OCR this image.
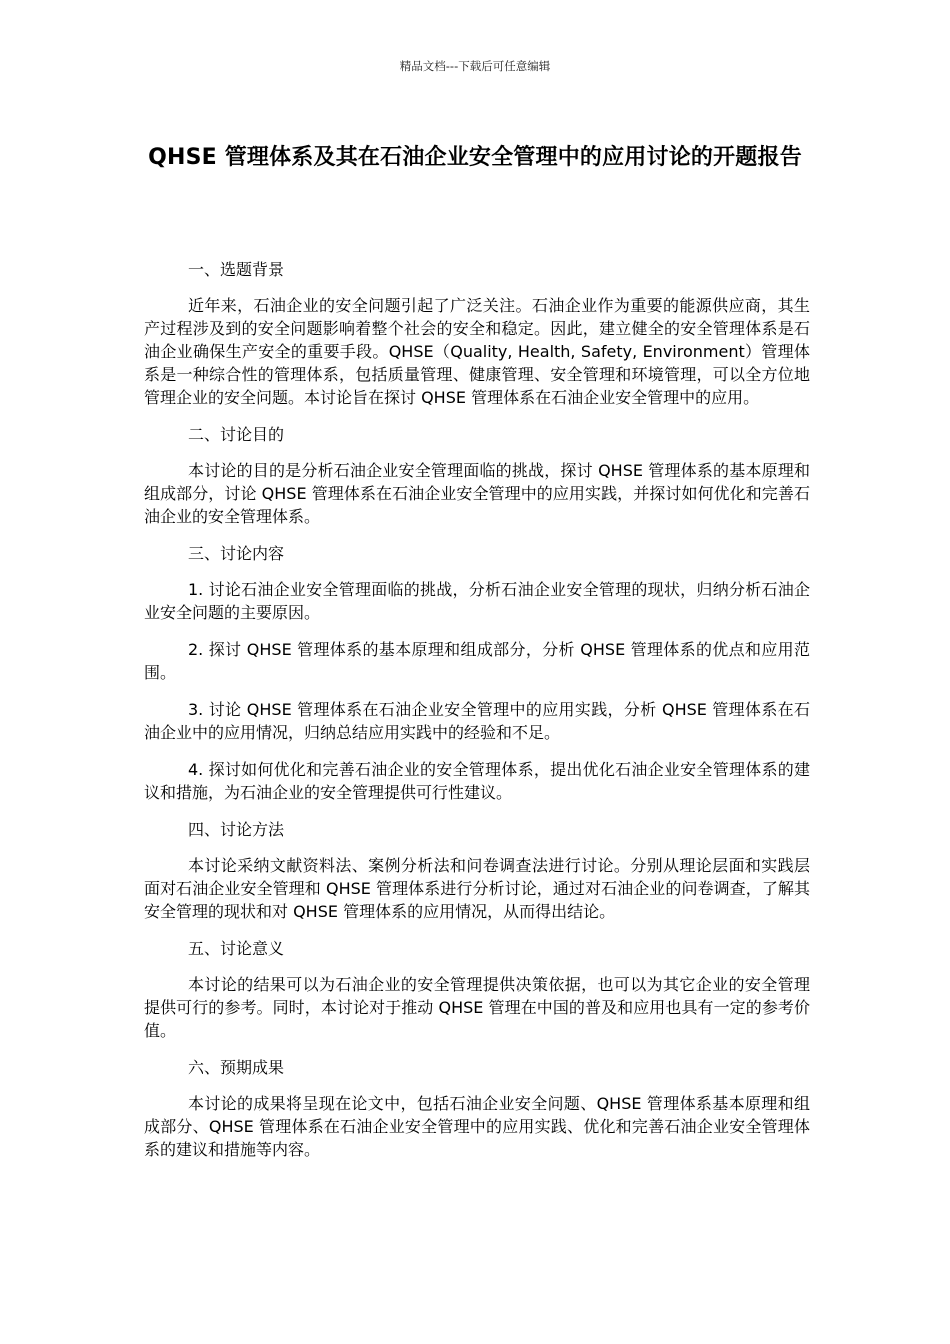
精品文档---下载后可任意编辑
QHSE 管理体系及其在石油企业安全管理中的应用讨论的开题报告

一、选题背景

近年来，石油企业的安全问题引起了广泛关注。石油企业作为重要的能源供应商，其生产过程涉及到的安全问题影响着整个社会的安全和稳定。因此，建立健全的安全管理体系是石油企业确保生产安全的重要手段。QHSE（Quality, Health, Safety, Environment）管理体系是一种综合性的管理体系，包括质量管理、健康管理、安全管理和环境管理，可以全方位地管理企业的安全问题。本讨论旨在探讨 QHSE 管理体系在石油企业安全管理中的应用。

二、讨论目的

本讨论的目的是分析石油企业安全管理面临的挑战，探讨 QHSE 管理体系的基本原理和组成部分，讨论 QHSE 管理体系在石油企业安全管理中的应用实践，并探讨如何优化和完善石油企业的安全管理体系。

三、讨论内容

1. 讨论石油企业安全管理面临的挑战，分析石油企业安全管理的现状，归纳分析石油企业安全问题的主要原因。

2. 探讨 QHSE 管理体系的基本原理和组成部分，分析 QHSE 管理体系的优点和应用范围。

3. 讨论 QHSE 管理体系在石油企业安全管理中的应用实践，分析 QHSE 管理体系在石油企业中的应用情况，归纳总结应用实践中的经验和不足。

4. 探讨如何优化和完善石油企业的安全管理体系，提出优化石油企业安全管理体系的建议和措施，为石油企业的安全管理提供可行性建议。

四、讨论方法

本讨论采纳文献资料法、案例分析法和问卷调查法进行讨论。分别从理论层面和实践层面对石油企业安全管理和 QHSE 管理体系进行分析讨论，通过对石油企业的问卷调查，了解其安全管理的现状和对 QHSE 管理体系的应用情况，从而得出结论。

五、讨论意义

本讨论的结果可以为石油企业的安全管理提供决策依据，也可以为其它企业的安全管理提供可行的参考。同时，本讨论对于推动 QHSE 管理在中国的普及和应用也具有一定的参考价值。

六、预期成果

本讨论的成果将呈现在论文中，包括石油企业安全问题、QHSE 管理体系基本原理和组成部分、QHSE 管理体系在石油企业安全管理中的应用实践、优化和完善石油企业安全管理体系的建议和措施等内容。
